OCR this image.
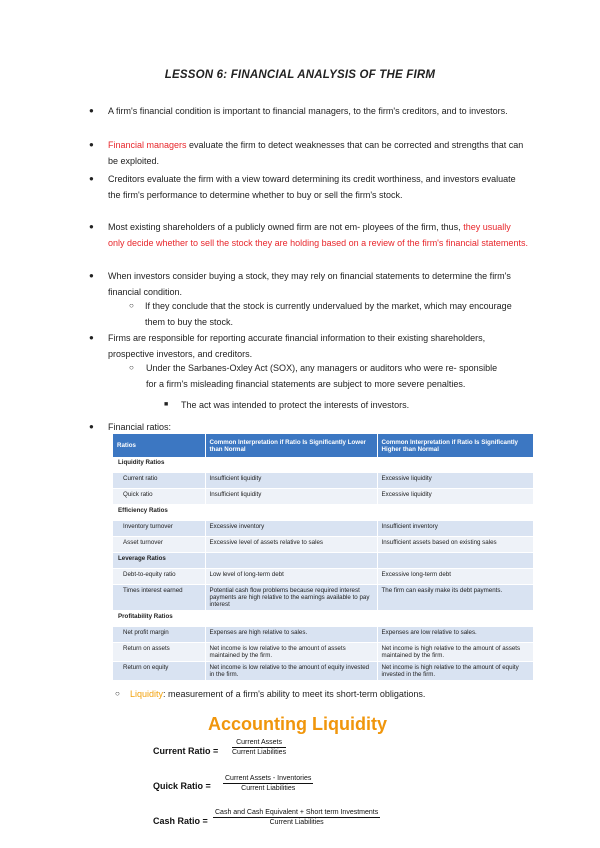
LESSON 6: FINANCIAL ANALYSIS OF THE FIRM
● A firm's financial condition is important to financial managers, to the firm's creditors, and to investors.
● Financial managers evaluate the firm to detect weaknesses that can be corrected and strengths that can be exploited.
● Creditors evaluate the firm with a view toward determining its credit worthiness, and investors evaluate the firm's performance to determine whether to buy or sell the firm's stock.
● Most existing shareholders of a publicly owned firm are not em- ployees of the firm, thus, they usually only decide whether to sell the stock they are holding based on a review of the firm's financial statements.
● When investors consider buying a stock, they may rely on financial statements to determine the firm's financial condition.
○ If they conclude that the stock is currently undervalued by the market, which may encourage them to buy the stock.
● Firms are responsible for reporting accurate financial information to their existing shareholders, prospective investors, and creditors.
○ Under the Sarbanes-Oxley Act (SOX), any managers or auditors who were re- sponsible for a firm's misleading financial statements are subject to more severe penalties.
■ The act was intended to protect the interests of investors.
● Financial ratios:
Ratios	Common Interpretation if Ratio Is Significantly Lower than Normal	Common Interpretation if Ratio Is Significantly Higher than Normal
Liquidity Ratios		
Current ratio	Insufficient liquidity	Excessive liquidity
Quick ratio	Insufficient liquidity	Excessive liquidity
Efficiency Ratios		
Inventory turnover	Excessive inventory	Insufficient inventory
Asset turnover	Excessive level of assets relative to sales	Insufficient assets based on existing sales
Leverage Ratios		
Debt-to-equity ratio	Low level of long-term debt	Excessive long-term debt
Times interest earned	Potential cash flow problems because required interest payments are high relative to the earnings available to pay interest	The firm can easily make its debt payments.
Profitability Ratios		
Net profit margin	Expenses are high relative to sales.	Expenses are low relative to sales.
Return on assets	Net income is low relative to the amount of assets maintained by the firm.	Net income is high relative to the amount of assets maintained by the firm.
Return on equity	Net income is low relative to the amount of equity invested in the firm.	Net income is high relative to the amount of equity invested in the firm.
○ Liquidity: measurement of a firm's ability to meet its short-term obligations.
Accounting Liquidity
Current Ratio =
Current Assets
Current Liabilities
Quick Ratio =
Current Assets - Inventories
Current Liabilities
Cash Ratio =
Cash and Cash Equivalent + Short term Investments
Current Liabilities
